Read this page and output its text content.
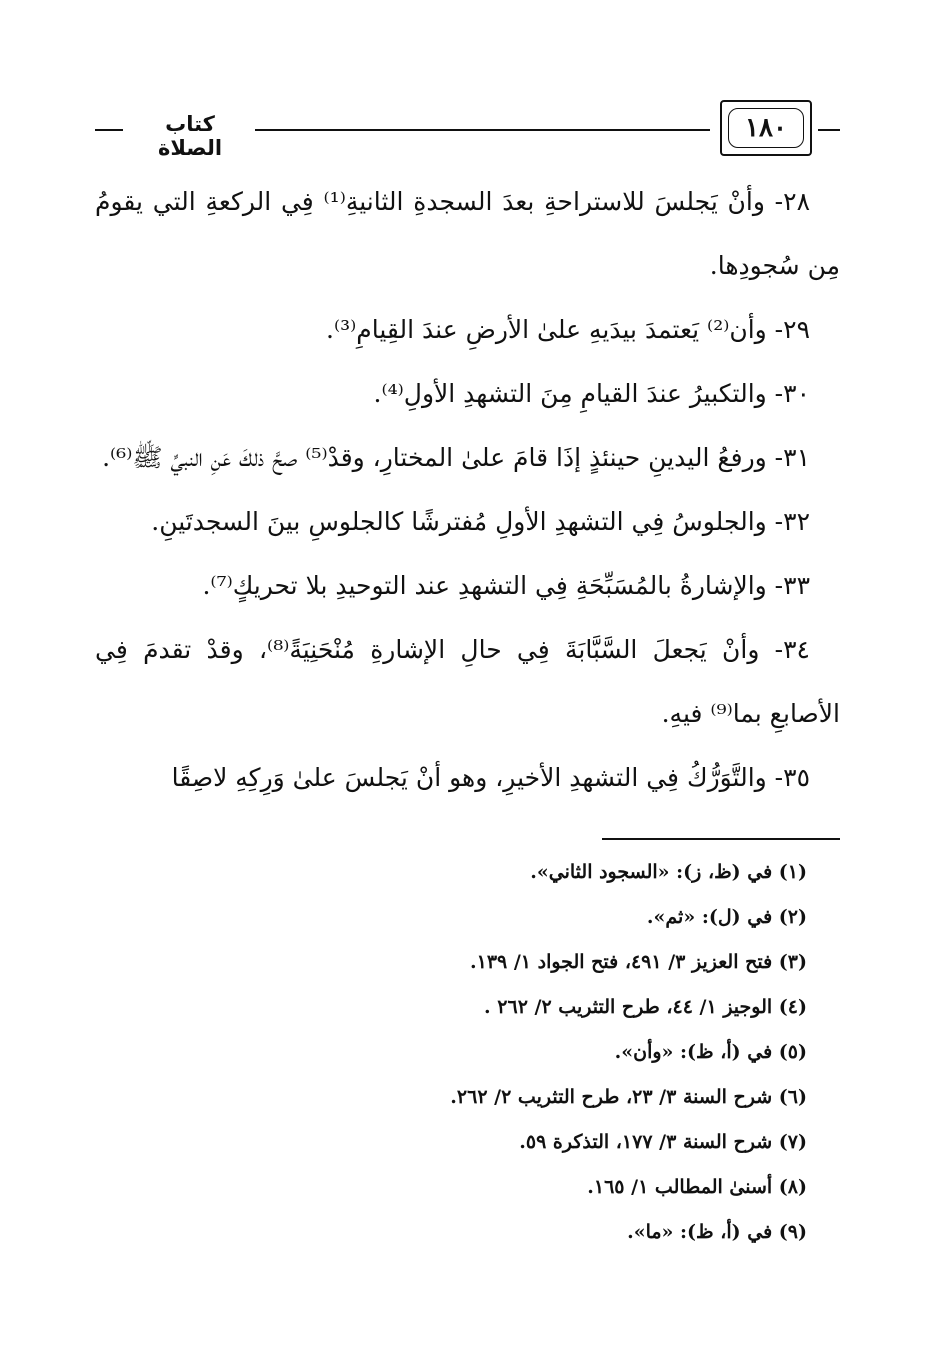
كتاب الصلاة
١٨٠

٢٨- وأنْ يَجلسَ للاستراحةِ بعدَ السجدةِ الثانيةِ⁽¹⁾ فِي الركعةِ التي يقومُ مِن سُجودِها.

٢٩- وأن⁽²⁾ يَعتمدَ بيدَيهِ علىٰ الأرضِ عندَ القِيامِ⁽³⁾.

٣٠- والتكبيرُ عندَ القيامِ مِنَ التشهدِ الأولِ⁽⁴⁾.

٣١- ورفعُ اليدينِ حينئذٍ إذَا قامَ علىٰ المختارِ، وقدْ⁽⁵⁾ صحَّ ذلكَ عَنِ النبيِّ ﷺ⁽⁶⁾.

٣٢- والجلوسُ فِي التشهدِ الأولِ مُفترشًا كالجلوسِ بينَ السجدتَينِ.

٣٣- والإشارةُ بالمُسَبِّحَةِ فِي التشهدِ عند التوحيدِ بلا تحريكٍ⁽⁷⁾.

٣٤- وأنْ يَجعلَ السَّبَّابَةَ فِي حالِ الإشارةِ مُنْحَنِيَةً⁽⁸⁾، وقدْ تقدمَ فِي الأصابعِ بما⁽⁹⁾ فيهِ.

٣٥- والتَّوَرُّكُ فِي التشهدِ الأخيرِ، وهو أنْ يَجلسَ علىٰ وَرِكِهِ لاصِقًا

(١) في (ظ، ز): «السجود الثاني».

(٢) في (ل): «ثم».

(٣) فتح العزيز ٣/ ٤٩١، فتح الجواد ١/ ١٣٩.

(٤) الوجيز ١/ ٤٤، طرح التثريب ٢/ ٢٦٢ .

(٥) في (أ، ظ): «وأن».

(٦) شرح السنة ٣/ ٢٣، طرح التثريب ٢/ ٢٦٢.

(٧) شرح السنة ٣/ ١٧٧، التذكرة ٥٩.

(٨) أسنىٰ المطالب ١/ ١٦٥.

(٩) في (أ، ظ): «ما».
